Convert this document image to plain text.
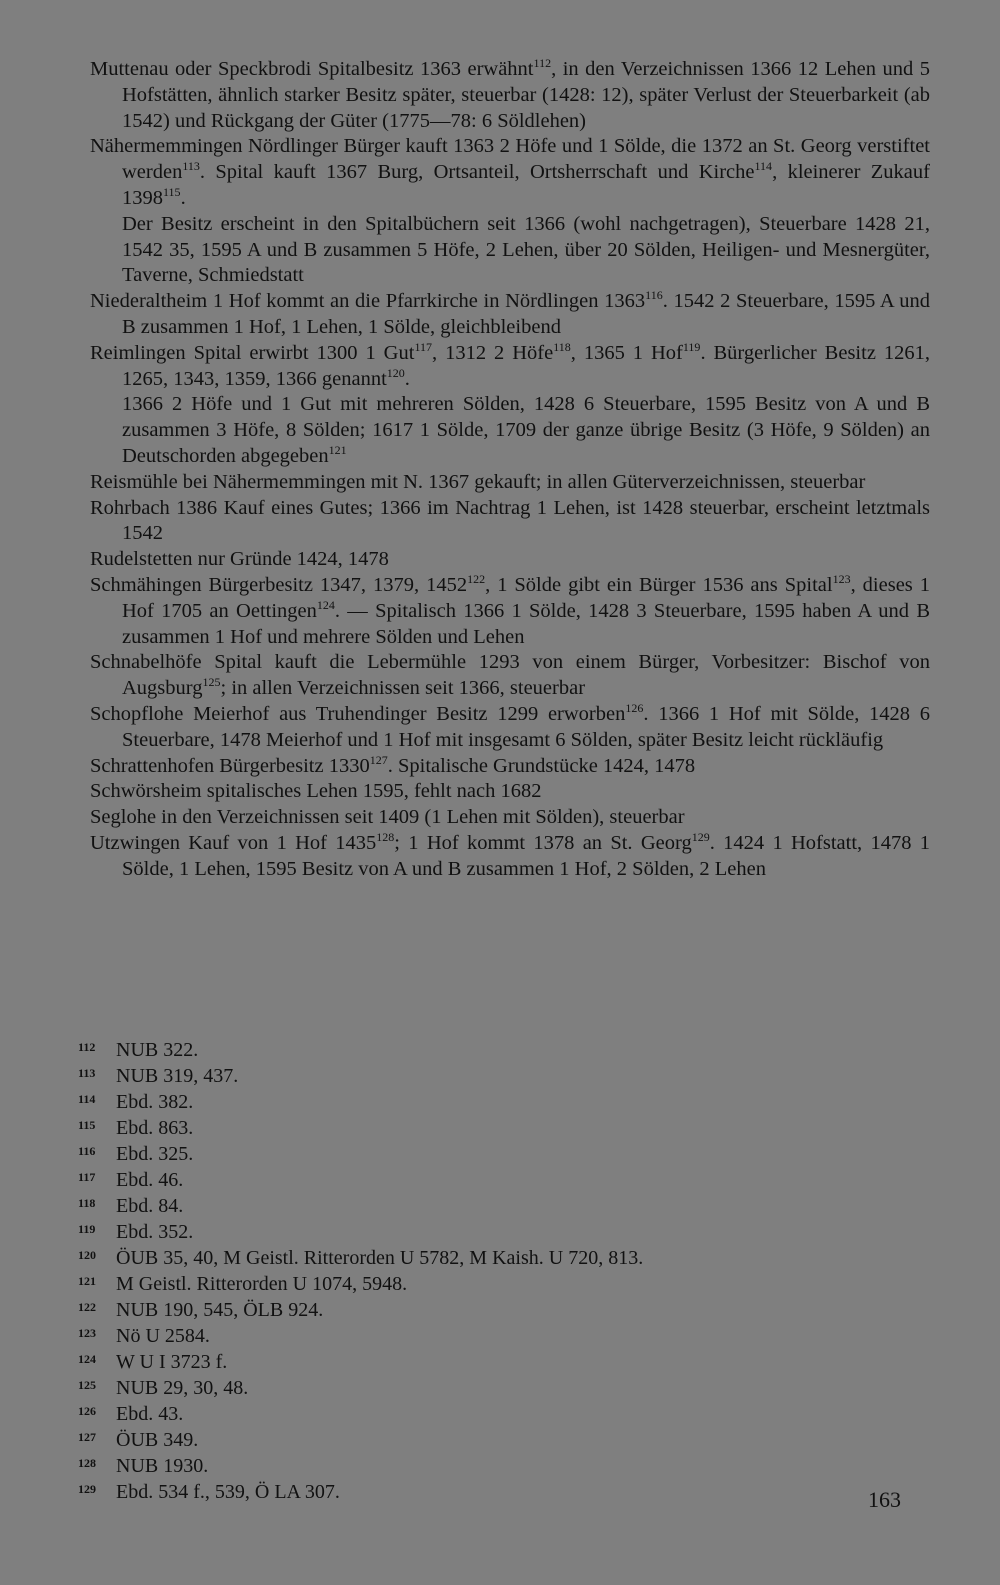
Muttenau oder Speckbrodi Spitalbesitz 1363 erwähnt$^{112}$, in den Verzeichnissen 1366 12 Lehen und 5 Hofstätten, ähnlich starker Besitz später, steuerbar (1428: 12), später Verlust der Steuerbarkeit (ab 1542) und Rückgang der Güter (1775—78: 6 Söldlehen)
Nähermemmingen Nördlinger Bürger kauft 1363 2 Höfe und 1 Sölde, die 1372 an St. Georg verstiftet werden$^{113}$. Spital kauft 1367 Burg, Ortsanteil, Ortsherrschaft und Kirche$^{114}$, kleinerer Zukauf 1398$^{115}$.
Der Besitz erscheint in den Spitalbüchern seit 1366 (wohl nachgetragen), Steuerbare 1428 21, 1542 35, 1595 A und B zusammen 5 Höfe, 2 Lehen, über 20 Sölden, Heiligen- und Mesnergüter, Taverne, Schmiedstatt
Niederaltheim 1 Hof kommt an die Pfarrkirche in Nördlingen 1363$^{116}$. 1542 2 Steuerbare, 1595 A und B zusammen 1 Hof, 1 Lehen, 1 Sölde, gleichbleibend
Reimlingen Spital erwirbt 1300 1 Gut$^{117}$, 1312 2 Höfe$^{118}$, 1365 1 Hof$^{119}$. Bürgerlicher Besitz 1261, 1265, 1343, 1359, 1366 genannt$^{120}$.
1366 2 Höfe und 1 Gut mit mehreren Sölden, 1428 6 Steuerbare, 1595 Besitz von A und B zusammen 3 Höfe, 8 Sölden; 1617 1 Sölde, 1709 der ganze übrige Besitz (3 Höfe, 9 Sölden) an Deutschorden abgegeben$^{121}$
Reismühle bei Nähermemmingen mit N. 1367 gekauft; in allen Güterverzeichnissen, steuerbar
Rohrbach 1386 Kauf eines Gutes; 1366 im Nachtrag 1 Lehen, ist 1428 steuerbar, erscheint letztmals 1542
Rudelstetten nur Gründe 1424, 1478
Schmähingen Bürgerbesitz 1347, 1379, 1452$^{122}$, 1 Sölde gibt ein Bürger 1536 ans Spital$^{123}$, dieses 1 Hof 1705 an Oettingen$^{124}$. — Spitalisch 1366 1 Sölde, 1428 3 Steuerbare, 1595 haben A und B zusammen 1 Hof und mehrere Sölden und Lehen
Schnabelhöfe Spital kauft die Lebermühle 1293 von einem Bürger, Vorbesitzer: Bischof von Augsburg$^{125}$; in allen Verzeichnissen seit 1366, steuerbar
Schopflohe Meierhof aus Truhendinger Besitz 1299 erworben$^{126}$. 1366 1 Hof mit Sölde, 1428 6 Steuerbare, 1478 Meierhof und 1 Hof mit insgesamt 6 Sölden, später Besitz leicht rückläufig
Schrattenhofen Bürgerbesitz 1330$^{127}$. Spitalische Grundstücke 1424, 1478
Schwörsheim spitalisches Lehen 1595, fehlt nach 1682
Seglohe in den Verzeichnissen seit 1409 (1 Lehen mit Sölden), steuerbar
Utzwingen Kauf von 1 Hof 1435$^{128}$; 1 Hof kommt 1378 an St. Georg$^{129}$. 1424 1 Hofstatt, 1478 1 Sölde, 1 Lehen, 1595 Besitz von A und B zusammen 1 Hof, 2 Sölden, 2 Lehen
112 NUB 322.
113 NUB 319, 437.
114 Ebd. 382.
115 Ebd. 863.
116 Ebd. 325.
117 Ebd. 46.
118 Ebd. 84.
119 Ebd. 352.
120 ÖUB 35, 40, M Geistl. Ritterorden U 5782, M Kaish. U 720, 813.
121 M Geistl. Ritterorden U 1074, 5948.
122 NUB 190, 545, ÖLB 924.
123 Nö U 2584.
124 W U I 3723 f.
125 NUB 29, 30, 48.
126 Ebd. 43.
127 ÖUB 349.
128 NUB 1930.
129 Ebd. 534 f., 539, Ö LA 307.	163
